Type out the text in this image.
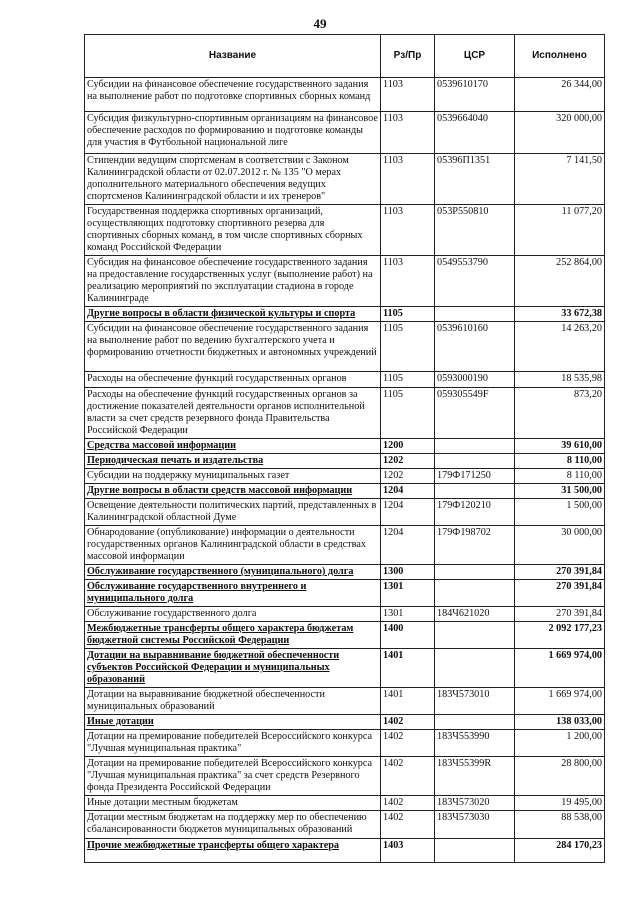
49
Название	Рз/Пр	ЦСР	Исполнено
Субсидии на финансовое обеспечение государственного задания на выполнение работ по подготовке спортивных сборных команд	1103	0539610170	26 344,00
Субсидия физкультурно-спортивным организациям на финансовое обеспечение расходов по формированию и подготовке команды для участия в Футбольной национальной лиге	1103	0539664040	320 000,00
Стипендии ведущим спортсменам в соответствии с Законом Калининградской области от 02.07.2012 г. № 135 "О мерах дополнительного материального обеспечения ведущих спортсменов Калининградской области и их тренеров"	1103	05396П1351	7 141,50
Государственная поддержка спортивных организаций, осуществляющих подготовку спортивного резерва для спортивных сборных команд, в том числе спортивных сборных команд Российской Федерации	1103	053Р550810	11 077,20
Субсидия на финансовое обеспечение государственного задания на предоставление государственных услуг (выполнение работ) на реализацию мероприятий по эксплуатации стадиона в городе Калининграде	1103	0549553790	252 864,00
Другие вопросы в области физической культуры и спорта	1105		33 672,38
Субсидии на финансовое обеспечение государственного задания на выполнение работ по ведению бухгалтерского учета и формированию отчетности бюджетных и автономных учреждений	1105	0539610160	14 263,20
Расходы на обеспечение функций государственных органов	1105	0593000190	18 535,98
Расходы на обеспечение функций государственных органов за достижение показателей деятельности органов исполнительной власти за счет средств резервного фонда Правительства Российской Федерации	1105	059305549F	873,20
Средства массовой информации	1200		39 610,00
Периодическая печать и издательства	1202		8 110,00
Субсидии на поддержку муниципальных газет	1202	179Ф171250	8 110,00
Другие вопросы в области средств массовой информации	1204		31 500,00
Освещение деятельности политических партий, представленных в Калининградской областной Думе	1204	179Ф120210	1 500,00
Обнародование (опубликование) информации о деятельности государственных органов Калининградской области в средствах массовой информации	1204	179Ф198702	30 000,00
Обслуживание государственного (муниципального) долга	1300		270 391,84
Обслуживание государственного внутреннего и муниципального долга	1301		270 391,84
Обслуживание государственного долга	1301	184Ч621020	270 391,84
Межбюджетные трансферты общего характера бюджетам бюджетной системы Российской Федерации	1400		2 092 177,23
Дотации на выравнивание бюджетной обеспеченности субъектов Российской Федерации и муниципальных образований	1401		1 669 974,00
Дотации на выравнивание бюджетной обеспеченности муниципальных образований	1401	183Ч573010	1 669 974,00
Иные дотации	1402		138 033,00
Дотации на премирование победителей Всероссийского конкурса "Лучшая муниципальная практика"	1402	183Ч553990	1 200,00
Дотации на премирование победителей Всероссийского конкурса "Лучшая муниципальная практика" за счет средств Резервного фонда Президента Российской Федерации	1402	183Ч55399R	28 800,00
Иные дотации местным бюджетам	1402	183Ч573020	19 495,00
Дотации местным бюджетам на поддержку мер по обеспечению сбалансированности бюджетов муниципальных образований	1402	183Ч573030	88 538,00
Прочие межбюджетные трансферты общего характера	1403		284 170,23
